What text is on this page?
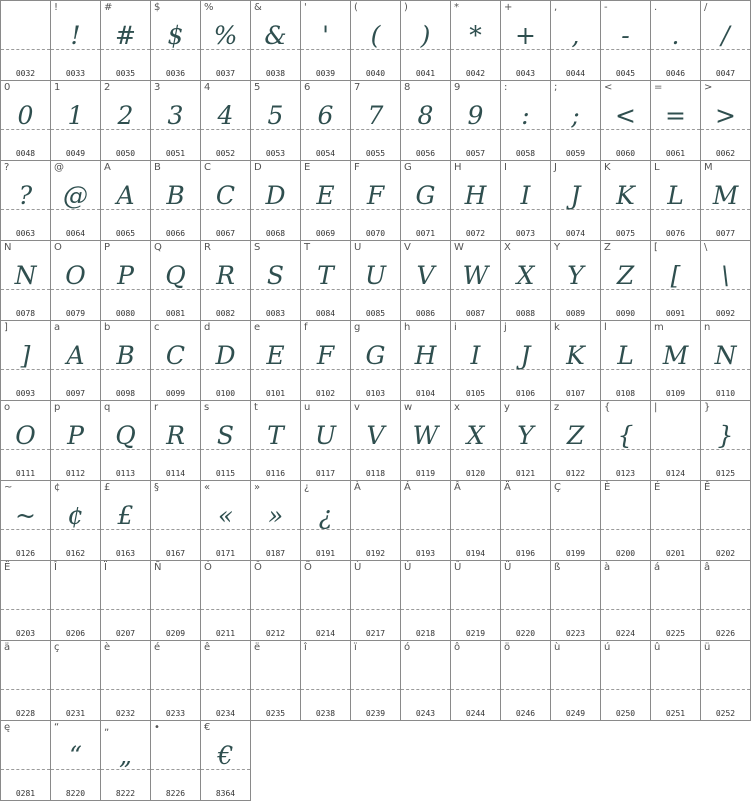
0032
!
!
0033
#
#
0035
$
$
0036
%
%
0037
&
&
0038
'
'
0039
(
(
0040
)
)
0041
*
*
0042
+
+
0043
,
,
0044
-
-
0045
.
.
0046
/
/
0047
0
0
0048
1
1
0049
2
2
0050
3
3
0051
4
4
0052
5
5
0053
6
6
0054
7
7
0055
8
8
0056
9
9
0057
:
:
0058
;
;
0059
<
<
0060
=
=
0061
>
>
0062
?
?
0063
@
@
0064
A
A
0065
B
B
0066
C
C
0067
D
D
0068
E
E
0069
F
F
0070
G
G
0071
H
H
0072
I
I
0073
J
J
0074
K
K
0075
L
L
0076
M
M
0077
N
N
0078
O
O
0079
P
P
0080
Q
Q
0081
R
R
0082
S
S
0083
T
T
0084
U
U
0085
V
V
0086
W
W
0087
X
X
0088
Y
Y
0089
Z
Z
0090
[
[
0091
\
\
0092
]
]
0093
a
A
0097
b
B
0098
c
C
0099
d
D
0100
e
E
0101
f
F
0102
g
G
0103
h
H
0104
i
I
0105
j
J
0106
k
K
0107
l
L
0108
m
M
0109
n
N
0110
o
O
0111
p
P
0112
q
Q
0113
r
R
0114
s
S
0115
t
T
0116
u
U
0117
v
V
0118
w
W
0119
x
X
0120
y
Y
0121
z
Z
0122
{
{
0123
|
0124
}
}
0125
~
~
0126
¢
¢
0162
£
£
0163
§
0167
«
«
0171
»
»
0187
¿
¿
0191
À
0192
Á
0193
Â
0194
Ä
0196
Ç
0199
È
0200
É
0201
Ê
0202
Ë
0203
Î
0206
Ï
0207
Ñ
0209
Ó
0211
Ô
0212
Ö
0214
Ù
0217
Ú
0218
Û
0219
Ü
0220
ß
0223
à
0224
á
0225
â
0226
ä
0228
ç
0231
è
0232
é
0233
ê
0234
ë
0235
î
0238
ï
0239
ó
0243
ô
0244
ö
0246
ù
0249
ú
0250
û
0251
ü
0252
ę
0281
“
“
8220
„
„
8222
•
8226
€
€
8364
